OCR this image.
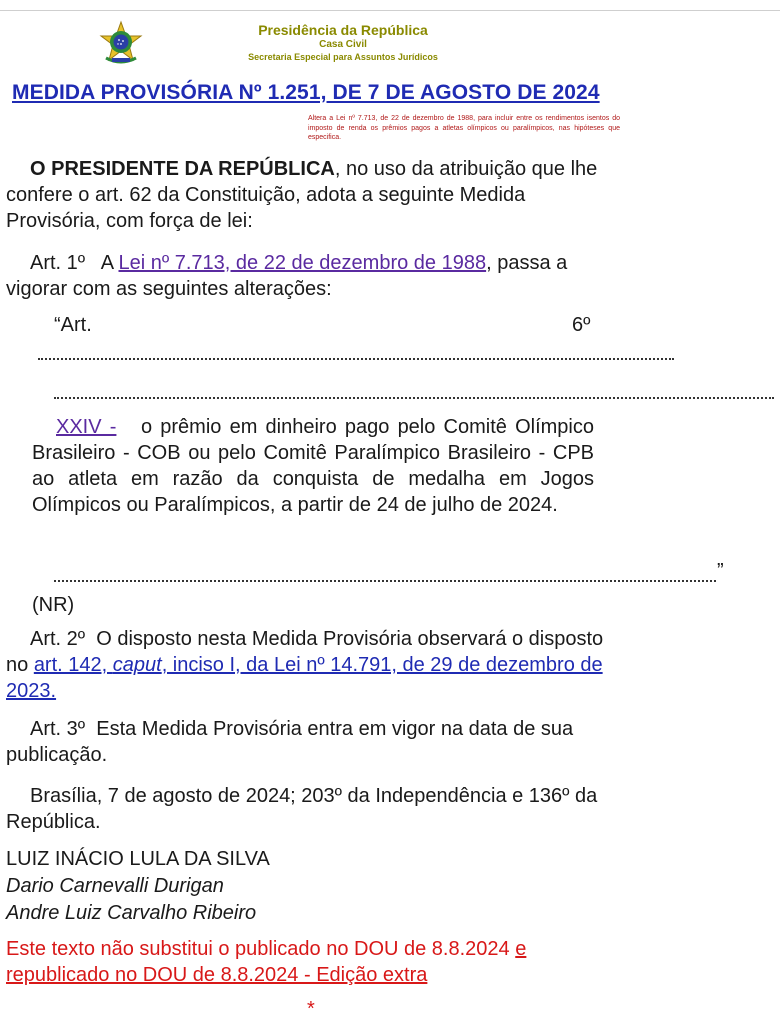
Presidência da República
Casa Civil
Secretaria Especial para Assuntos Jurídicos
MEDIDA PROVISÓRIA Nº 1.251, DE 7 DE AGOSTO DE 2024
Altera a Lei nº 7.713, de 22 de dezembro de 1988, para incluir entre os rendimentos isentos do imposto de renda os prêmios pagos a atletas olímpicos ou paralímpicos, nas hipóteses que especifica.
O PRESIDENTE DA REPÚBLICA, no uso da atribuição que lhe confere o art. 62 da Constituição, adota a seguinte Medida Provisória, com força de lei:
Art. 1º A Lei nº 7.713, de 22 de dezembro de 1988, passa a vigorar com as seguintes alterações:
“Art.	6º
XXIV - o prêmio em dinheiro pago pelo Comitê Olímpico Brasileiro - COB ou pelo Comitê Paralímpico Brasileiro - CPB ao atleta em razão da conquista de medalha em Jogos Olímpicos ou Paralímpicos, a partir de 24 de julho de 2024.
”
(NR)
Art. 2º O disposto nesta Medida Provisória observará o disposto no art. 142, caput, inciso I, da Lei nº 14.791, de 29 de dezembro de 2023.
Art. 3º Esta Medida Provisória entra em vigor na data de sua publicação.
Brasília, 7 de agosto de 2024; 203º da Independência e 136º da República.
LUIZ INÁCIO LULA DA SILVA
Dario Carnevalli Durigan
Andre Luiz Carvalho Ribeiro
Este texto não substitui o publicado no DOU de 8.8.2024 e
republicado no DOU de 8.8.2024 - Edição extra
*
